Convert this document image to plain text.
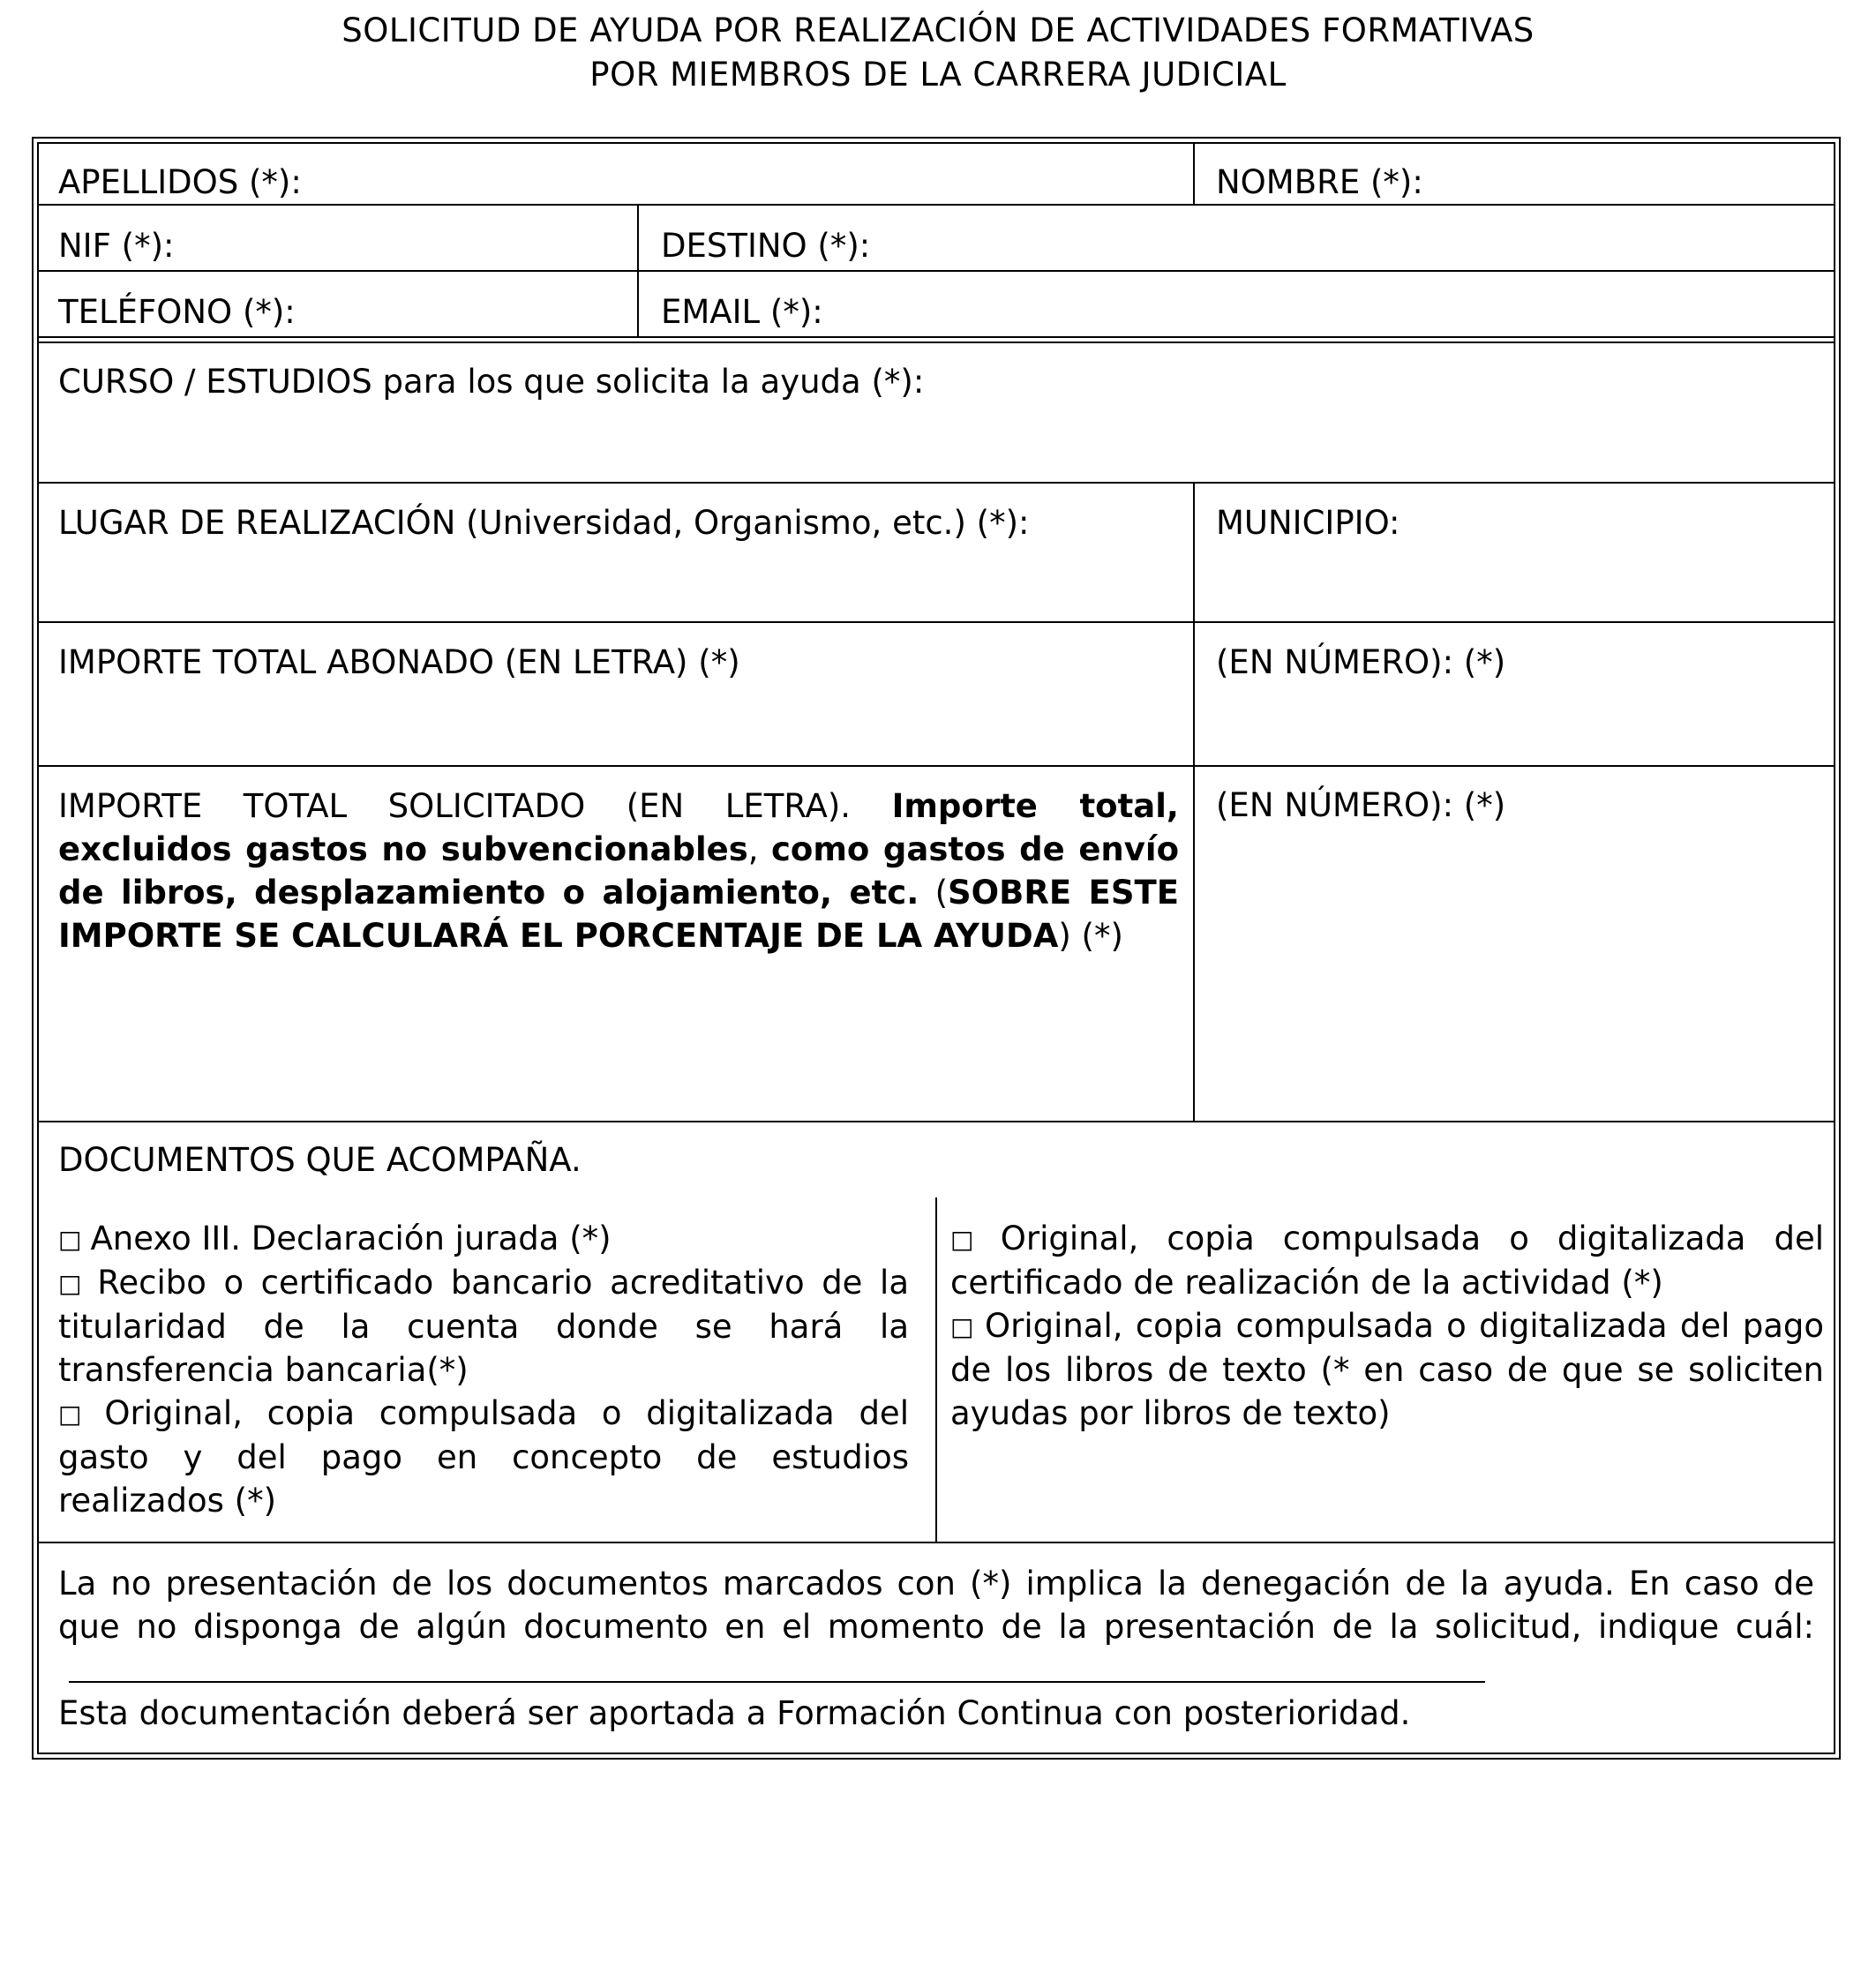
SOLICITUD DE AYUDA POR REALIZACIÓN DE ACTIVIDADES FORMATIVAS
POR MIEMBROS DE LA CARRERA JUDICIAL
APELLIDOS (*):	NOMBRE (*):
NIF (*):	DESTINO (*):
TELÉFONO (*):	EMAIL (*):
CURSO / ESTUDIOS para los que solicita la ayuda (*):
LUGAR DE REALIZACIÓN (Universidad, Organismo, etc.) (*):	MUNICIPIO:
IMPORTE TOTAL ABONADO (EN LETRA) (*)	(EN NÚMERO): (*)
IMPORTE TOTAL SOLICITADO (EN LETRA). Importe total, excluidos gastos no subvencionables, como gastos de envío de libros, desplazamiento o alojamiento, etc. (SOBRE ESTE IMPORTE SE CALCULARÁ EL PORCENTAJE DE LA AYUDA) (*)
(EN NÚMERO): (*)
DOCUMENTOS QUE ACOMPAÑA.
□ Anexo III. Declaración jurada (*)
□ Recibo o certificado bancario acreditativo de la titularidad de la cuenta donde se hará la transferencia bancaria(*)
□ Original, copia compulsada o digitalizada del gasto y del pago en concepto de estudios realizados (*)
□ Original, copia compulsada o digitalizada del certificado de realización de la actividad (*)
□ Original, copia compulsada o digitalizada del pago de los libros de texto (* en caso de que se soliciten ayudas por libros de texto)
La no presentación de los documentos marcados con (*) implica la denegación de la ayuda. En caso de que no disponga de algún documento en el momento de la presentación de la solicitud, indique cuál:
Esta documentación deberá ser aportada a Formación Continua con posterioridad.
